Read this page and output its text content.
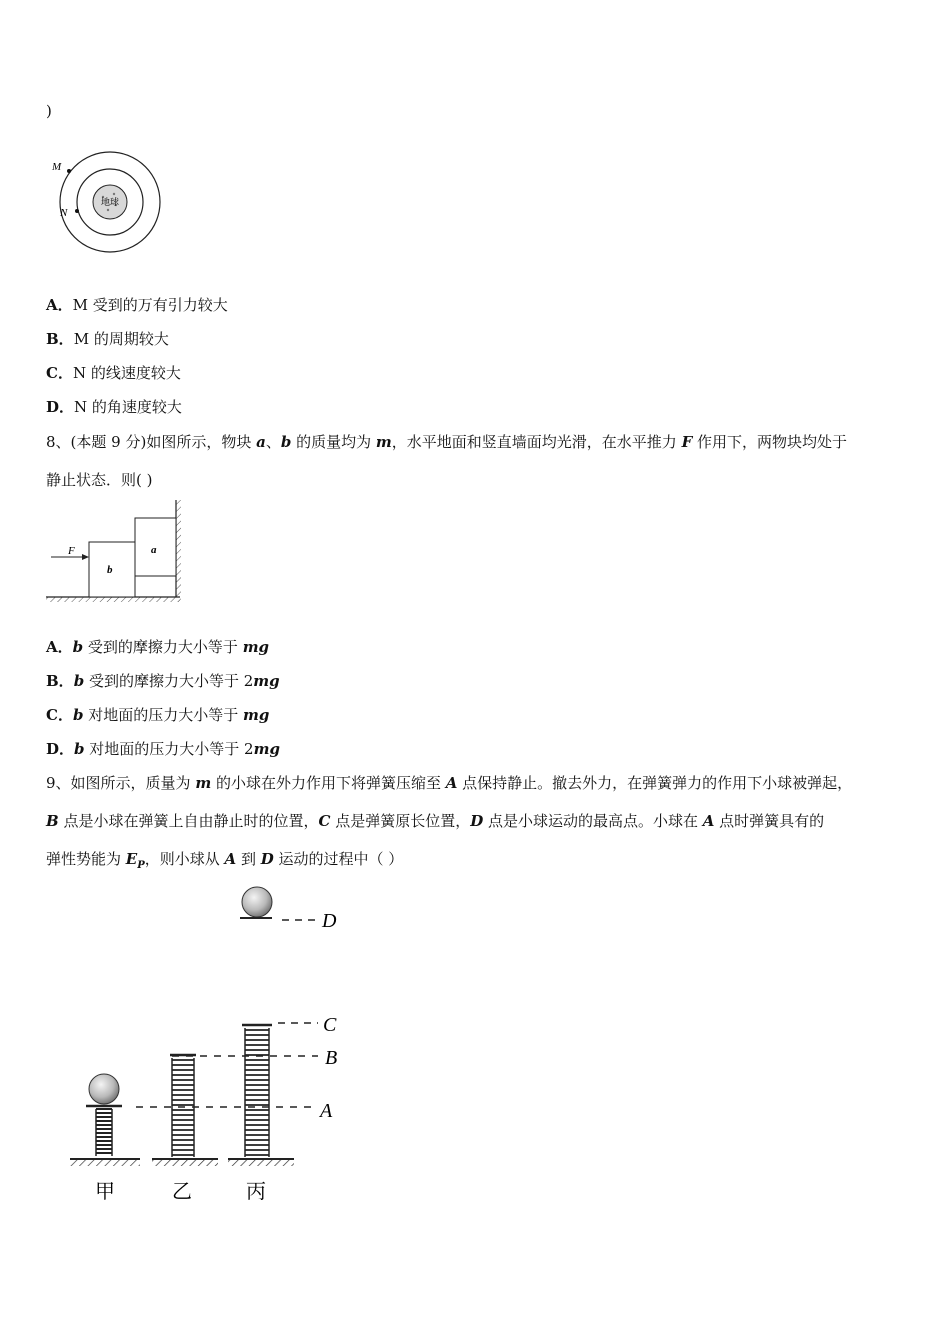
)
地球
M
N
A．M 受到的万有引力较大
B．M 的周期较大
C．N 的线速度较大
D．N 的角速度较大
8、(本题 9 分)如图所示，物块 a、b 的质量均为 m，水平地面和竖直墙面均光滑，在水平推力 F 作用下，两物块均处于
静止状态．则( )
F	a
b
A．b 受到的摩擦力大小等于 mg
B．b 受到的摩擦力大小等于 2mg
C．b 对地面的压力大小等于 mg
D．b 对地面的压力大小等于 2mg
9、如图所示，质量为 m 的小球在外力作用下将弹簧压缩至 A 点保持静止。撤去外力，在弹簧弹力的作用下小球被弹起，
B 点是小球在弹簧上自由静止时的位置，C 点是弹簧原长位置，D 点是小球运动的最高点。小球在 A 点时弹簧具有的
弹性势能为 $E_P$，则小球从 A 到 D 运动的过程中（ ）
D
C
B
A
甲	乙	丙
